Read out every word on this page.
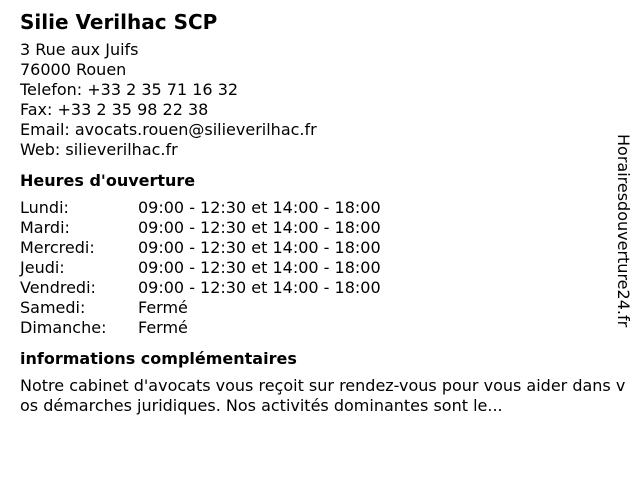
Silie Verilhac SCP
3 Rue aux Juifs
76000 Rouen
Telefon: +33 2 35 71 16 32
Fax: +33 2 35 98 22 38
Email: avocats.rouen@silieverilhac.fr
Web: silieverilhac.fr
Heures d'ouverture
Lundi:	09:00 - 12:30 et 14:00 - 18:00
Mardi:	09:00 - 12:30 et 14:00 - 18:00
Mercredi:	09:00 - 12:30 et 14:00 - 18:00
Jeudi:	09:00 - 12:30 et 14:00 - 18:00
Vendredi:	09:00 - 12:30 et 14:00 - 18:00
Samedi:	Fermé
Dimanche:	Fermé
informations complémentaires
Notre cabinet d'avocats vous reçoit sur rendez-vous pour vous aider dans vos démarches juridiques. Nos activités dominantes sont le...
Horairesdouverture24.fr
